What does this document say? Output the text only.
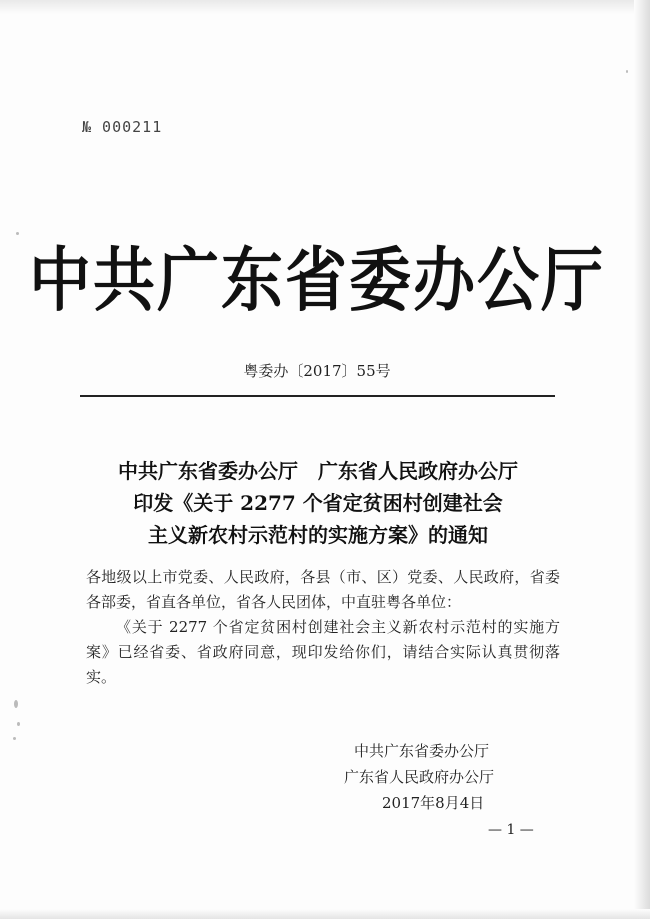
№ 000211
中共广东省委办公厅
粤委办〔2017〕55号
中共广东省委办公厅　广东省人民政府办公厅
印发《关于 2277 个省定贫困村创建社会
主义新农村示范村的实施方案》的通知

各地级以上市党委、人民政府，各县（市、区）党委、人民政府，省委各部委，省直各单位，省各人民团体，中直驻粤各单位：

《关于 2277 个省定贫困村创建社会主义新农村示范村的实施方案》已经省委、省政府同意，现印发给你们，请结合实际认真贯彻落实。

中共广东省委办公厅
广东省人民政府办公厅
2017年8月4日
— 1 —
